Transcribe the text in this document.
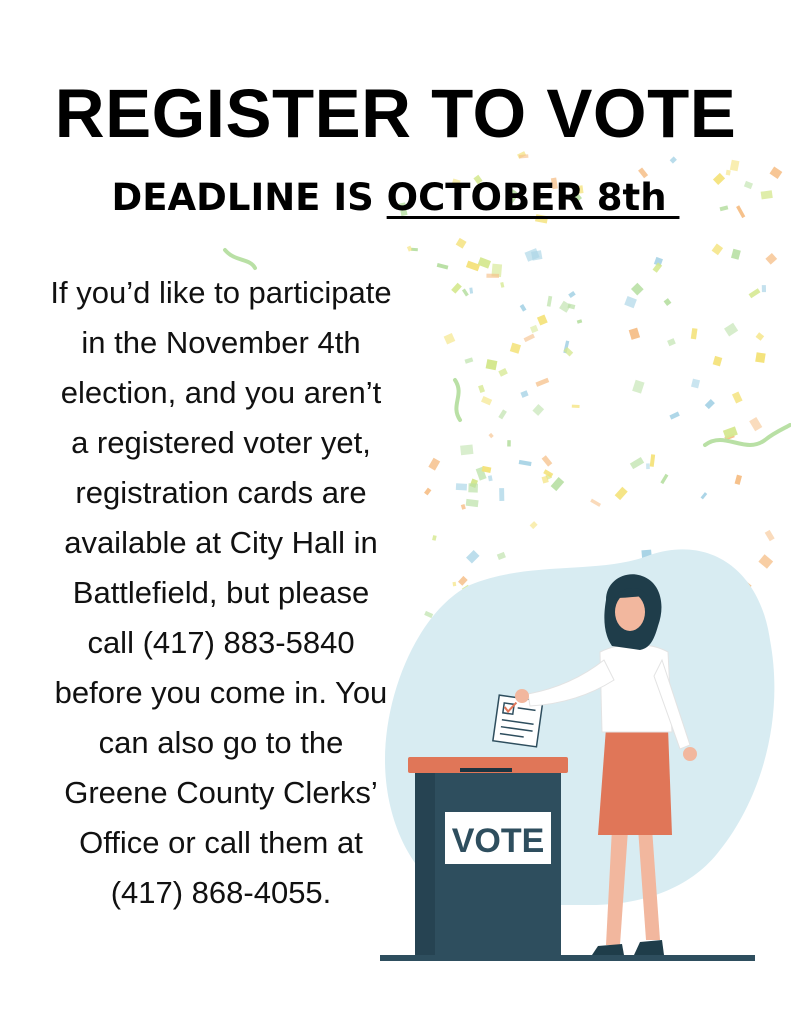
REGISTER TO VOTE

DEADLINE IS OCTOBER 8th

If you’d like to participate
in the November 4th
election, and you aren’t
a registered voter yet,
registration cards are
available at City Hall in
Battlefield, but please
call (417) 883-5840
before you come in. You
can also go to the
Greene County Clerks’
Office or call them at
(417) 868-4055.
VOTE
